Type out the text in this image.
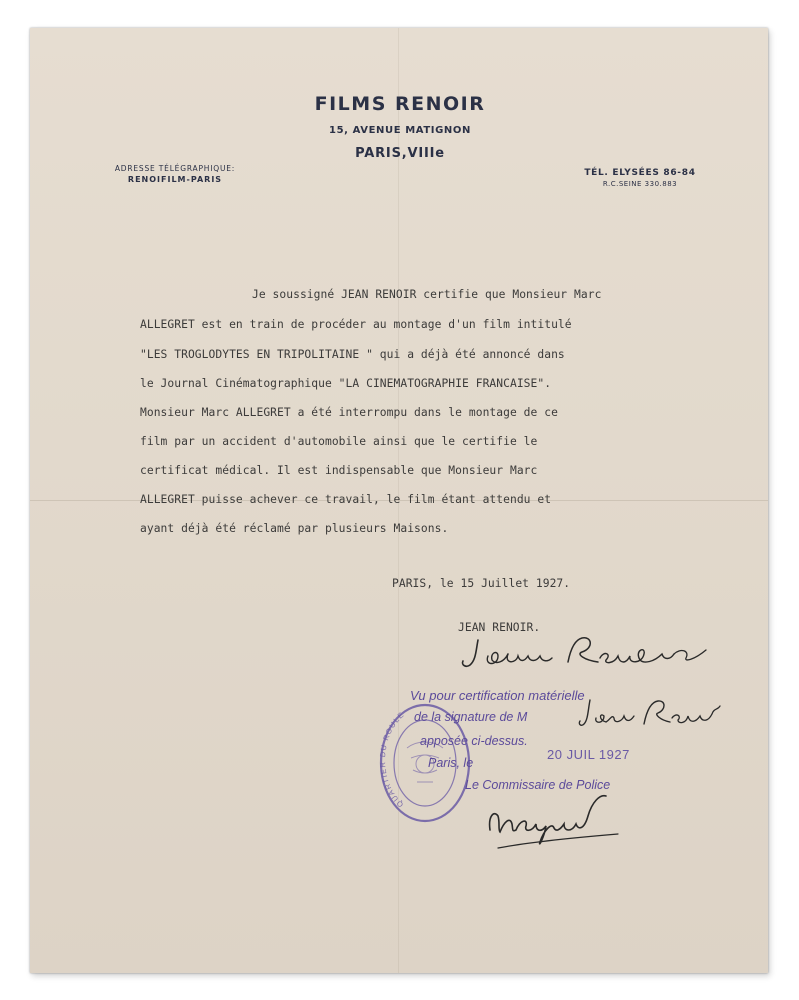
FILMS RENOIR
15, AVENUE MATIGNON
PARIS,VIIIe
ADRESSE TÉLÉGRAPHIQUE:
RENOIFILM-PARIS
TÉL. ELYSÉES 86-84
R.C.SEINE 330.883
Je soussigné JEAN RENOIR certifie que Monsieur Marc
ALLEGRET est en train de procéder au montage d'un film intitulé
"LES TROGLODYTES EN TRIPOLITAINE " qui a déjà été annoncé dans
le Journal Cinématographique "LA CINEMATOGRAPHIE FRANCAISE".
Monsieur Marc ALLEGRET a été interrompu dans le montage de ce
film par un accident d'automobile ainsi que le certifie le
certificat médical. Il est indispensable que Monsieur Marc
ALLEGRET puisse achever ce travail, le film étant attendu et
ayant déjà été réclamé par plusieurs Maisons.
PARIS, le 15 Juillet 1927.
JEAN RENOIR.
QUARTIER DU ROULE
Vu pour certification matérielle
de la signature de M
apposée ci-dessus.
Paris, le
Le Commissaire de Police
20 JUIL 1927
